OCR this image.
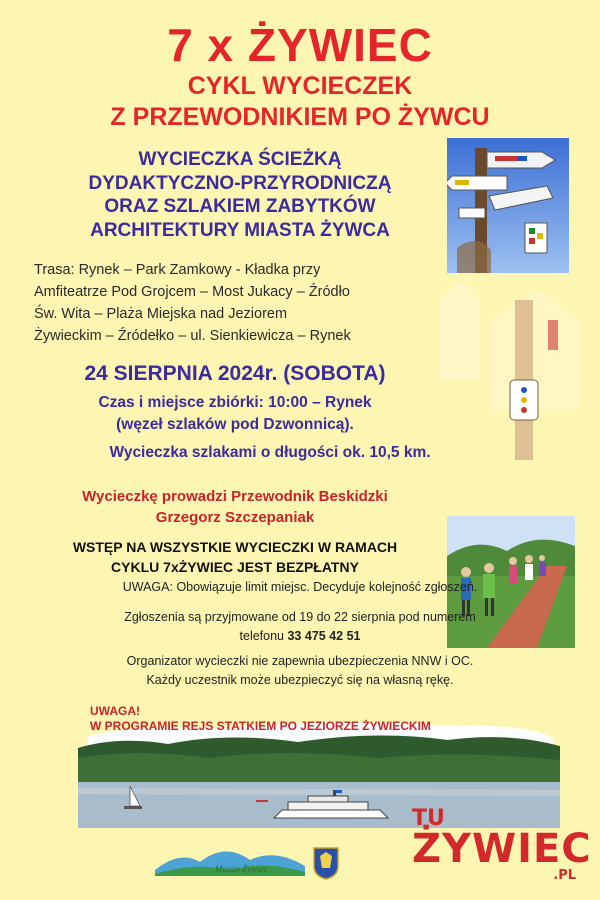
7 x ŻYWIEC
CYKL WYCIECZEK
Z PRZEWODNIKIEM PO ŻYWCU
WYCIECZKA ŚCIEŻKĄ
DYDAKTYCZNO-PRZYRODNICZĄ
ORAZ SZLAKIEM ZABYTKÓW
ARCHITEKTURY MIASTA ŻYWCA
Trasa: Rynek – Park Zamkowy - Kładka przy
Amfiteatrze Pod Grojcem – Most Jukacy – Źródło
Św. Wita – Plaża Miejska nad Jeziorem
Żywieckim – Źródełko – ul. Sienkiewicza – Rynek
24 SIERPNIA 2024r. (SOBOTA)
Czas i miejsce zbiórki: 10:00 – Rynek
(węzeł szlaków pod Dzwonnicą).
Wycieczka szlakami o długości ok. 10,5 km.
Wycieczkę prowadzi Przewodnik Beskidzki
Grzegorz Szczepaniak
WSTĘP NA WSZYSTKIE WYCIECZKI W RAMACH
CYKLU 7xŻYWIEC JEST BEZPŁATNY
UWAGA: Obowiązuje limit miejsc. Decyduje kolejność zgłoszeń.
Zgłoszenia są przyjmowane od 19 do 22 sierpnia pod numerem
telefonu 33 475 42 51
Organizator wycieczki nie zapewnia ubezpieczenia NNW i OC.
Każdy uczestnik może ubezpieczyć się na własną rękę.
UWAGA!
W PROGRAMIE REJS STATKIEM PO JEZIORZE ŻYWIECKIM
Miasto Żywiec
TU
ŻYWIEC
.PL
